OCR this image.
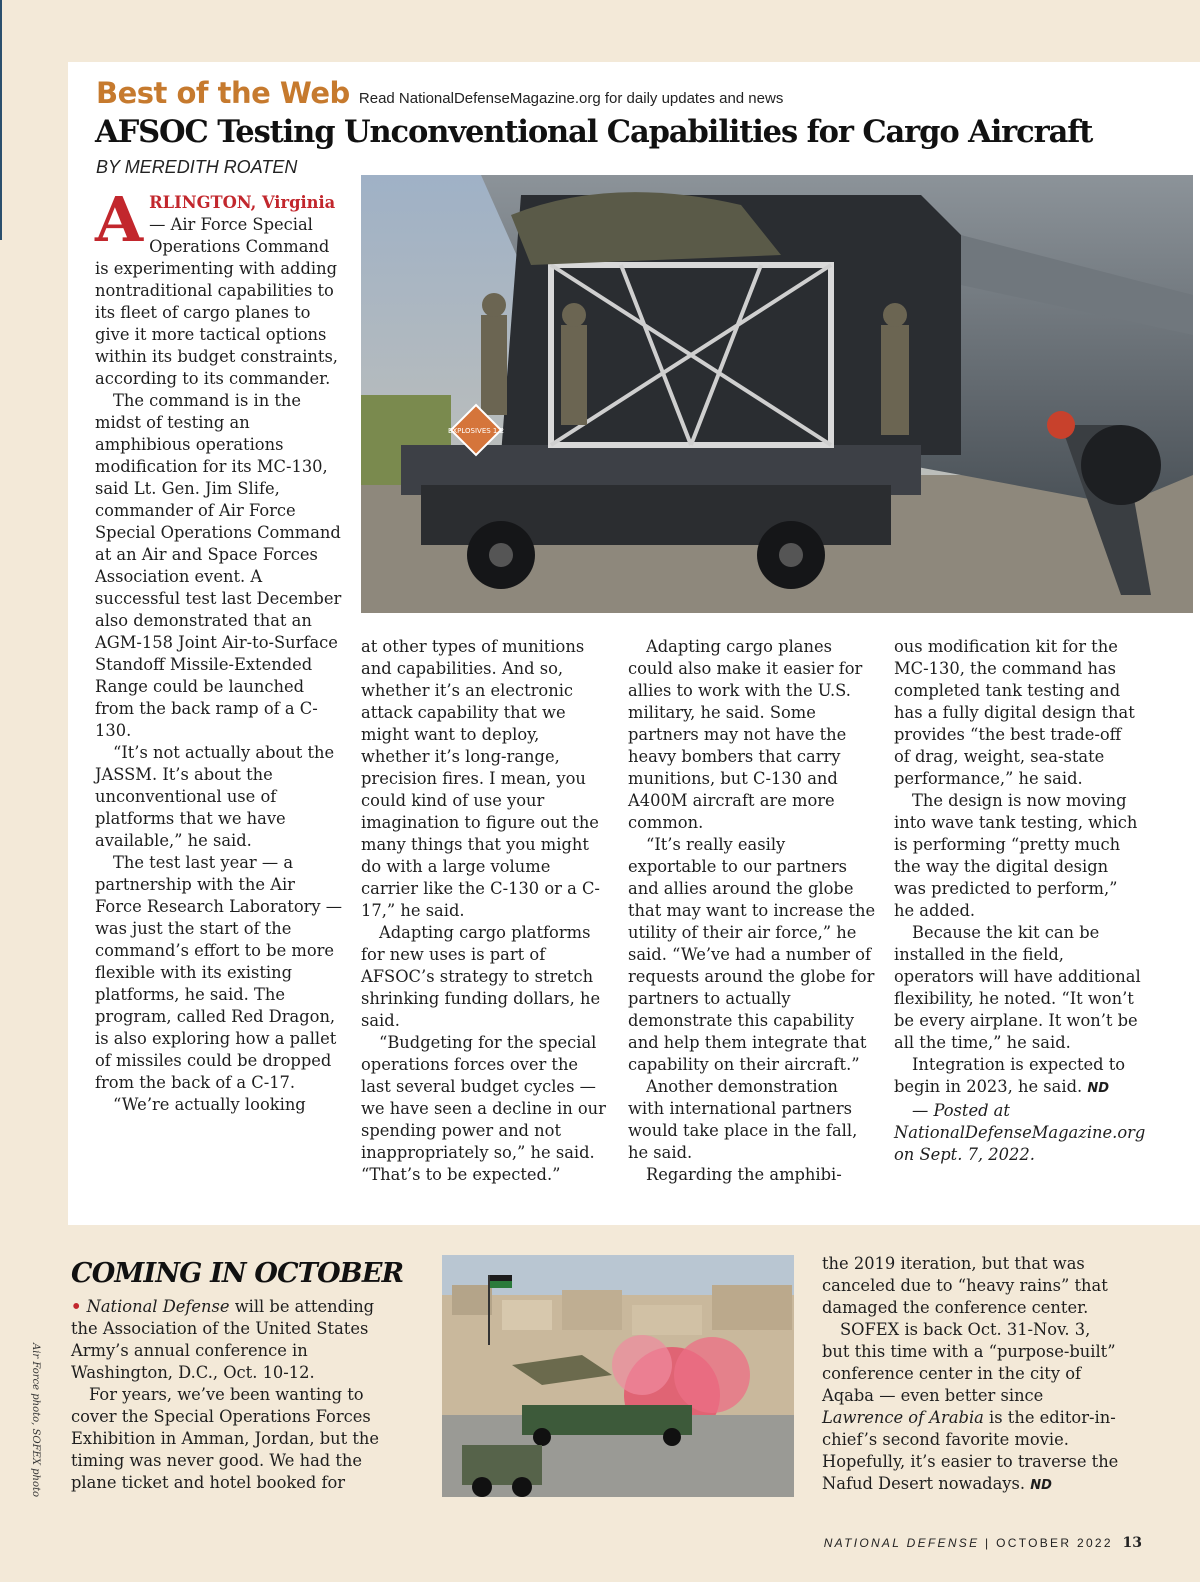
Best of the Web Read NationalDefenseMagazine.org for daily updates and news
AFSOC Testing Unconventional Capabilities for Cargo Aircraft
BY MEREDITH ROATEN
EXPLOSIVES 1.2

ARLINGTON, Virginia — Air Force Special Operations Command is experimenting with adding nontraditional capabilities to its fleet of cargo planes to give it more tactical options within its budget constraints, according to its commander.

The command is in the midst of testing an amphibious operations modification for its MC-130, said Lt. Gen. Jim Slife, commander of Air Force Special Operations Command at an Air and Space Forces Association event. A successful test last December also demonstrated that an AGM-158 Joint Air-to-Surface Standoff Missile-Extended Range could be launched from the back ramp of a C-130.

“It’s not actually about the JASSM. It’s about the unconventional use of platforms that we have available,” he said.

The test last year — a partnership with the Air Force Research Laboratory — was just the start of the command’s effort to be more flexible with its existing platforms, he said. The program, called Red Dragon, is also exploring how a pallet of missiles could be dropped from the back of a C-17.

“We’re actually looking

at other types of munitions and capabilities. And so, whether it’s an electronic attack capability that we might want to deploy, whether it’s long-range, precision fires. I mean, you could kind of use your imagination to figure out the many things that you might do with a large volume carrier like the C-130 or a C-17,” he said.

Adapting cargo platforms for new uses is part of AFSOC’s strategy to stretch shrinking funding dollars, he said.

“Budgeting for the special operations forces over the last several budget cycles — we have seen a decline in our spending power and not inappropriately so,” he said. “That’s to be expected.”

Adapting cargo planes could also make it easier for allies to work with the U.S. military, he said. Some partners may not have the heavy bombers that carry munitions, but C-130 and A400M aircraft are more common.

“It’s really easily exportable to our partners and allies around the globe that may want to increase the utility of their air force,” he said. “We’ve had a number of requests around the globe for partners to actually demonstrate this capability and help them integrate that capability on their aircraft.”

Another demonstration with international partners would take place in the fall, he said.

Regarding the amphibi-

ous modification kit for the MC-130, the command has completed tank testing and has a fully digital design that provides “the best trade-off of drag, weight, sea-state performance,” he said.

The design is now moving into wave tank testing, which is performing “pretty much the way the digital design was predicted to perform,” he added.

Because the kit can be installed in the field, operators will have additional flexibility, he noted. “It won’t be every airplane. It won’t be all the time,” he said.

Integration is expected to begin in 2023, he said. ND

— Posted at NationalDefenseMagazine.org on Sept. 7, 2022.

COMING IN OCTOBER

• National Defense will be attending the Association of the United States Army’s annual conference in Washington, D.C., Oct. 10-12.

For years, we’ve been wanting to cover the Special Operations Forces Exhibition in Amman, Jordan, but the timing was never good. We had the plane ticket and hotel booked for

the 2019 iteration, but that was canceled due to “heavy rains” that damaged the conference center.

SOFEX is back Oct. 31-Nov. 3, but this time with a “purpose-built” conference center in the city of Aqaba — even better since Lawrence of Arabia is the editor-in-chief’s second favorite movie. Hopefully, it’s easier to traverse the Nafud Desert nowadays. ND

Air Force photo, SOFEX photo
NATIONAL DEFENSE | OCTOBER 2022 13
